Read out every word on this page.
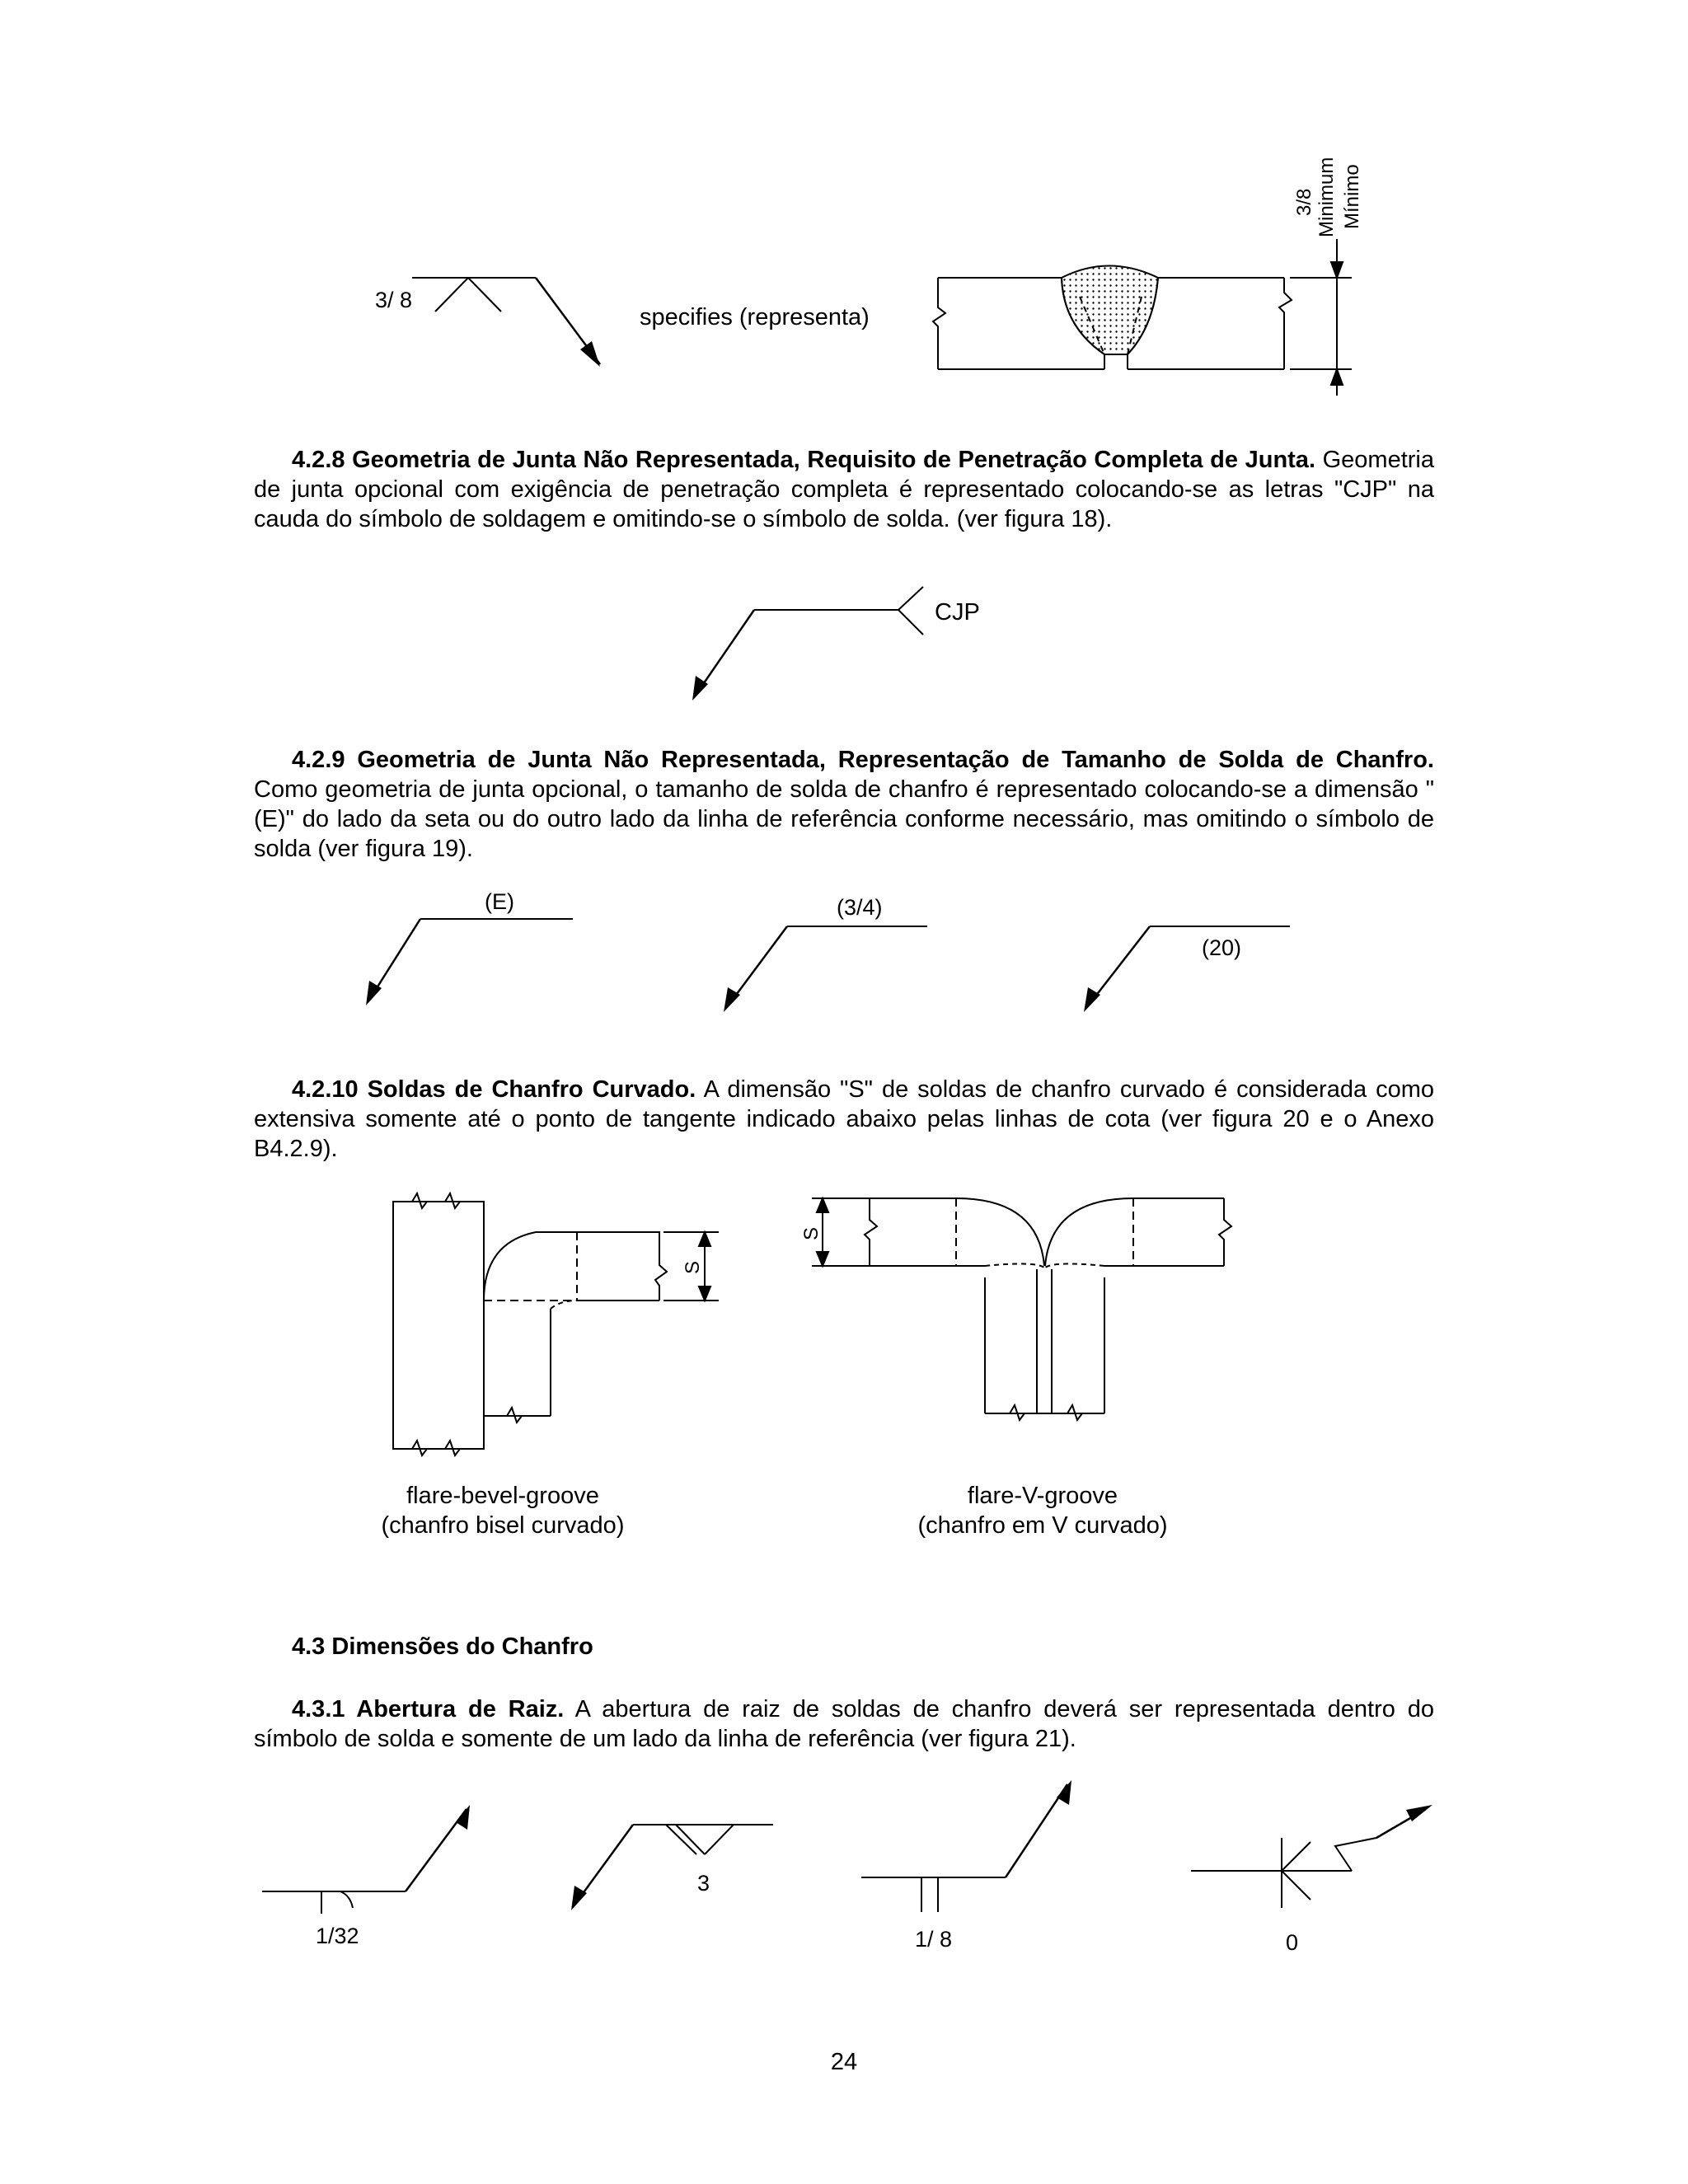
3/ 8
specifies (representa)
3/8 Minimum Mínimo
4.2.8 Geometria de Junta Não Representada, Requisito de Penetração Completa de Junta. Geometria de junta opcional com exigência de penetração completa é representado colocando-se as letras "CJP" na cauda do símbolo de soldagem e omitindo-se o símbolo de solda. (ver figura 18).
CJP
4.2.9 Geometria de Junta Não Representada, Representação de Tamanho de Solda de Chanfro. Como geometria de junta opcional, o tamanho de solda de chanfro é representado colocando-se a dimensão "(E)" do lado da seta ou do outro lado da linha de referência conforme necessário, mas omitindo o símbolo de solda (ver figura 19).
(E)	(3/4)
(20)
4.2.10 Soldas de Chanfro Curvado. A dimensão "S" de soldas de chanfro curvado é considerada como extensiva somente até o ponto de tangente indicado abaixo pelas linhas de cota (ver figura 20 e o Anexo B4.2.9).
S
S
flare-bevel-groove
(chanfro bisel curvado)
flare-V-groove
(chanfro em V curvado)
4.3 Dimensões do Chanfro
4.3.1 Abertura de Raiz. A abertura de raiz de soldas de chanfro deverá ser representada dentro do símbolo de solda e somente de um lado da linha de referência (ver figura 21).
1/32
3
1/ 8	0
24
